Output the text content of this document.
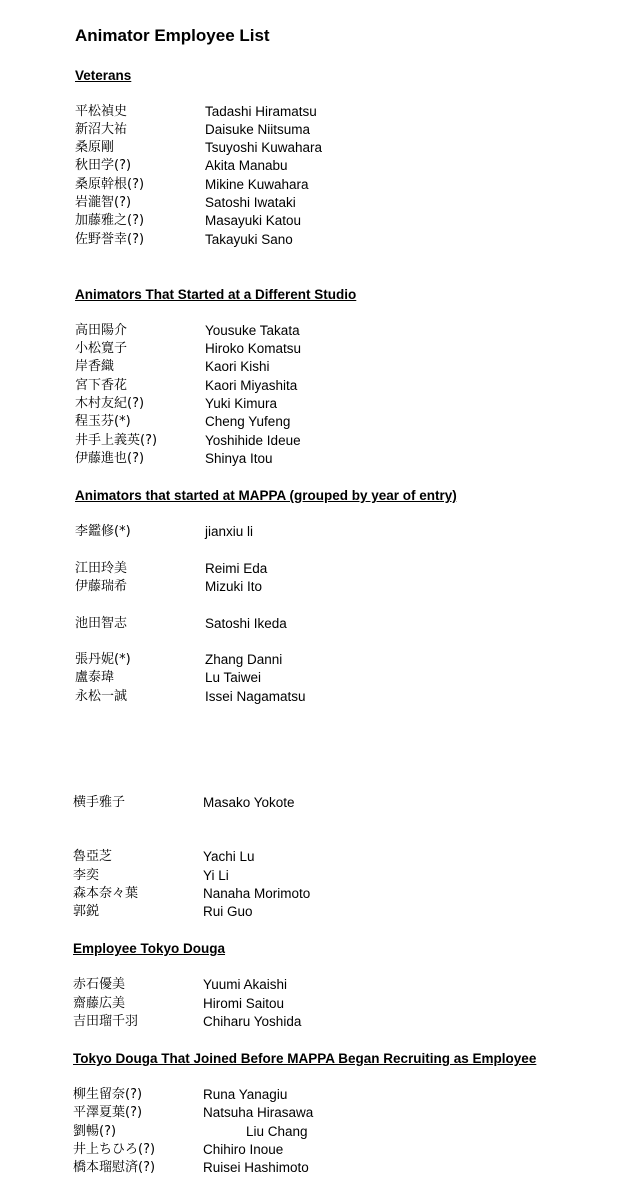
Animator Employee List
Veterans
平松禎史	Tadashi Hiramatsu
新沼大祐	Daisuke Niitsuma
桑原剛	Tsuyoshi Kuwahara
秋田学(?)	Akita Manabu
桑原幹根(?)	Mikine Kuwahara
岩瀧智(?)	Satoshi Iwataki
加藤雅之(?)	Masayuki Katou
佐野誉幸(?)	Takayuki Sano
Animators That Started at a Different Studio
高田陽介	Yousuke Takata
小松寛子	Hiroko Komatsu
岸香織	Kaori Kishi
宮下香花	Kaori Miyashita
木村友紀(?)	Yuki Kimura
程玉芬(*)	Cheng Yufeng
井手上義英(?)	Yoshihide Ideue
伊藤進也(?)	Shinya Itou
Animators that started at MAPPA (grouped by year of entry)
李鑑修(*)	jianxiu li
江田玲美	Reimi Eda
伊藤瑞希	Mizuki Ito
池田智志	Satoshi Ikeda
張丹妮(*)	Zhang Danni
盧泰瑋	Lu Taiwei
永松一誠	Issei Nagamatsu
横手雅子	Masako Yokote
魯亞芝	Yachi Lu
李奕	Yi Li
森本奈々葉	Nanaha Morimoto
郭鋭	Rui Guo
Employee Tokyo Douga
赤石優美	Yuumi Akaishi
齋藤広美	Hiromi Saitou
吉田瑠千羽	Chiharu Yoshida
Tokyo Douga That Joined Before MAPPA Began Recruiting as Employee
柳生留奈(?)	Runa Yanagiu
平澤夏葉(?)	Natsuha Hirasawa
劉暢(?)	Liu Chang
井上ちひろ(?)	Chihiro Inoue
橋本瑠慰済(?)	Ruisei Hashimoto
